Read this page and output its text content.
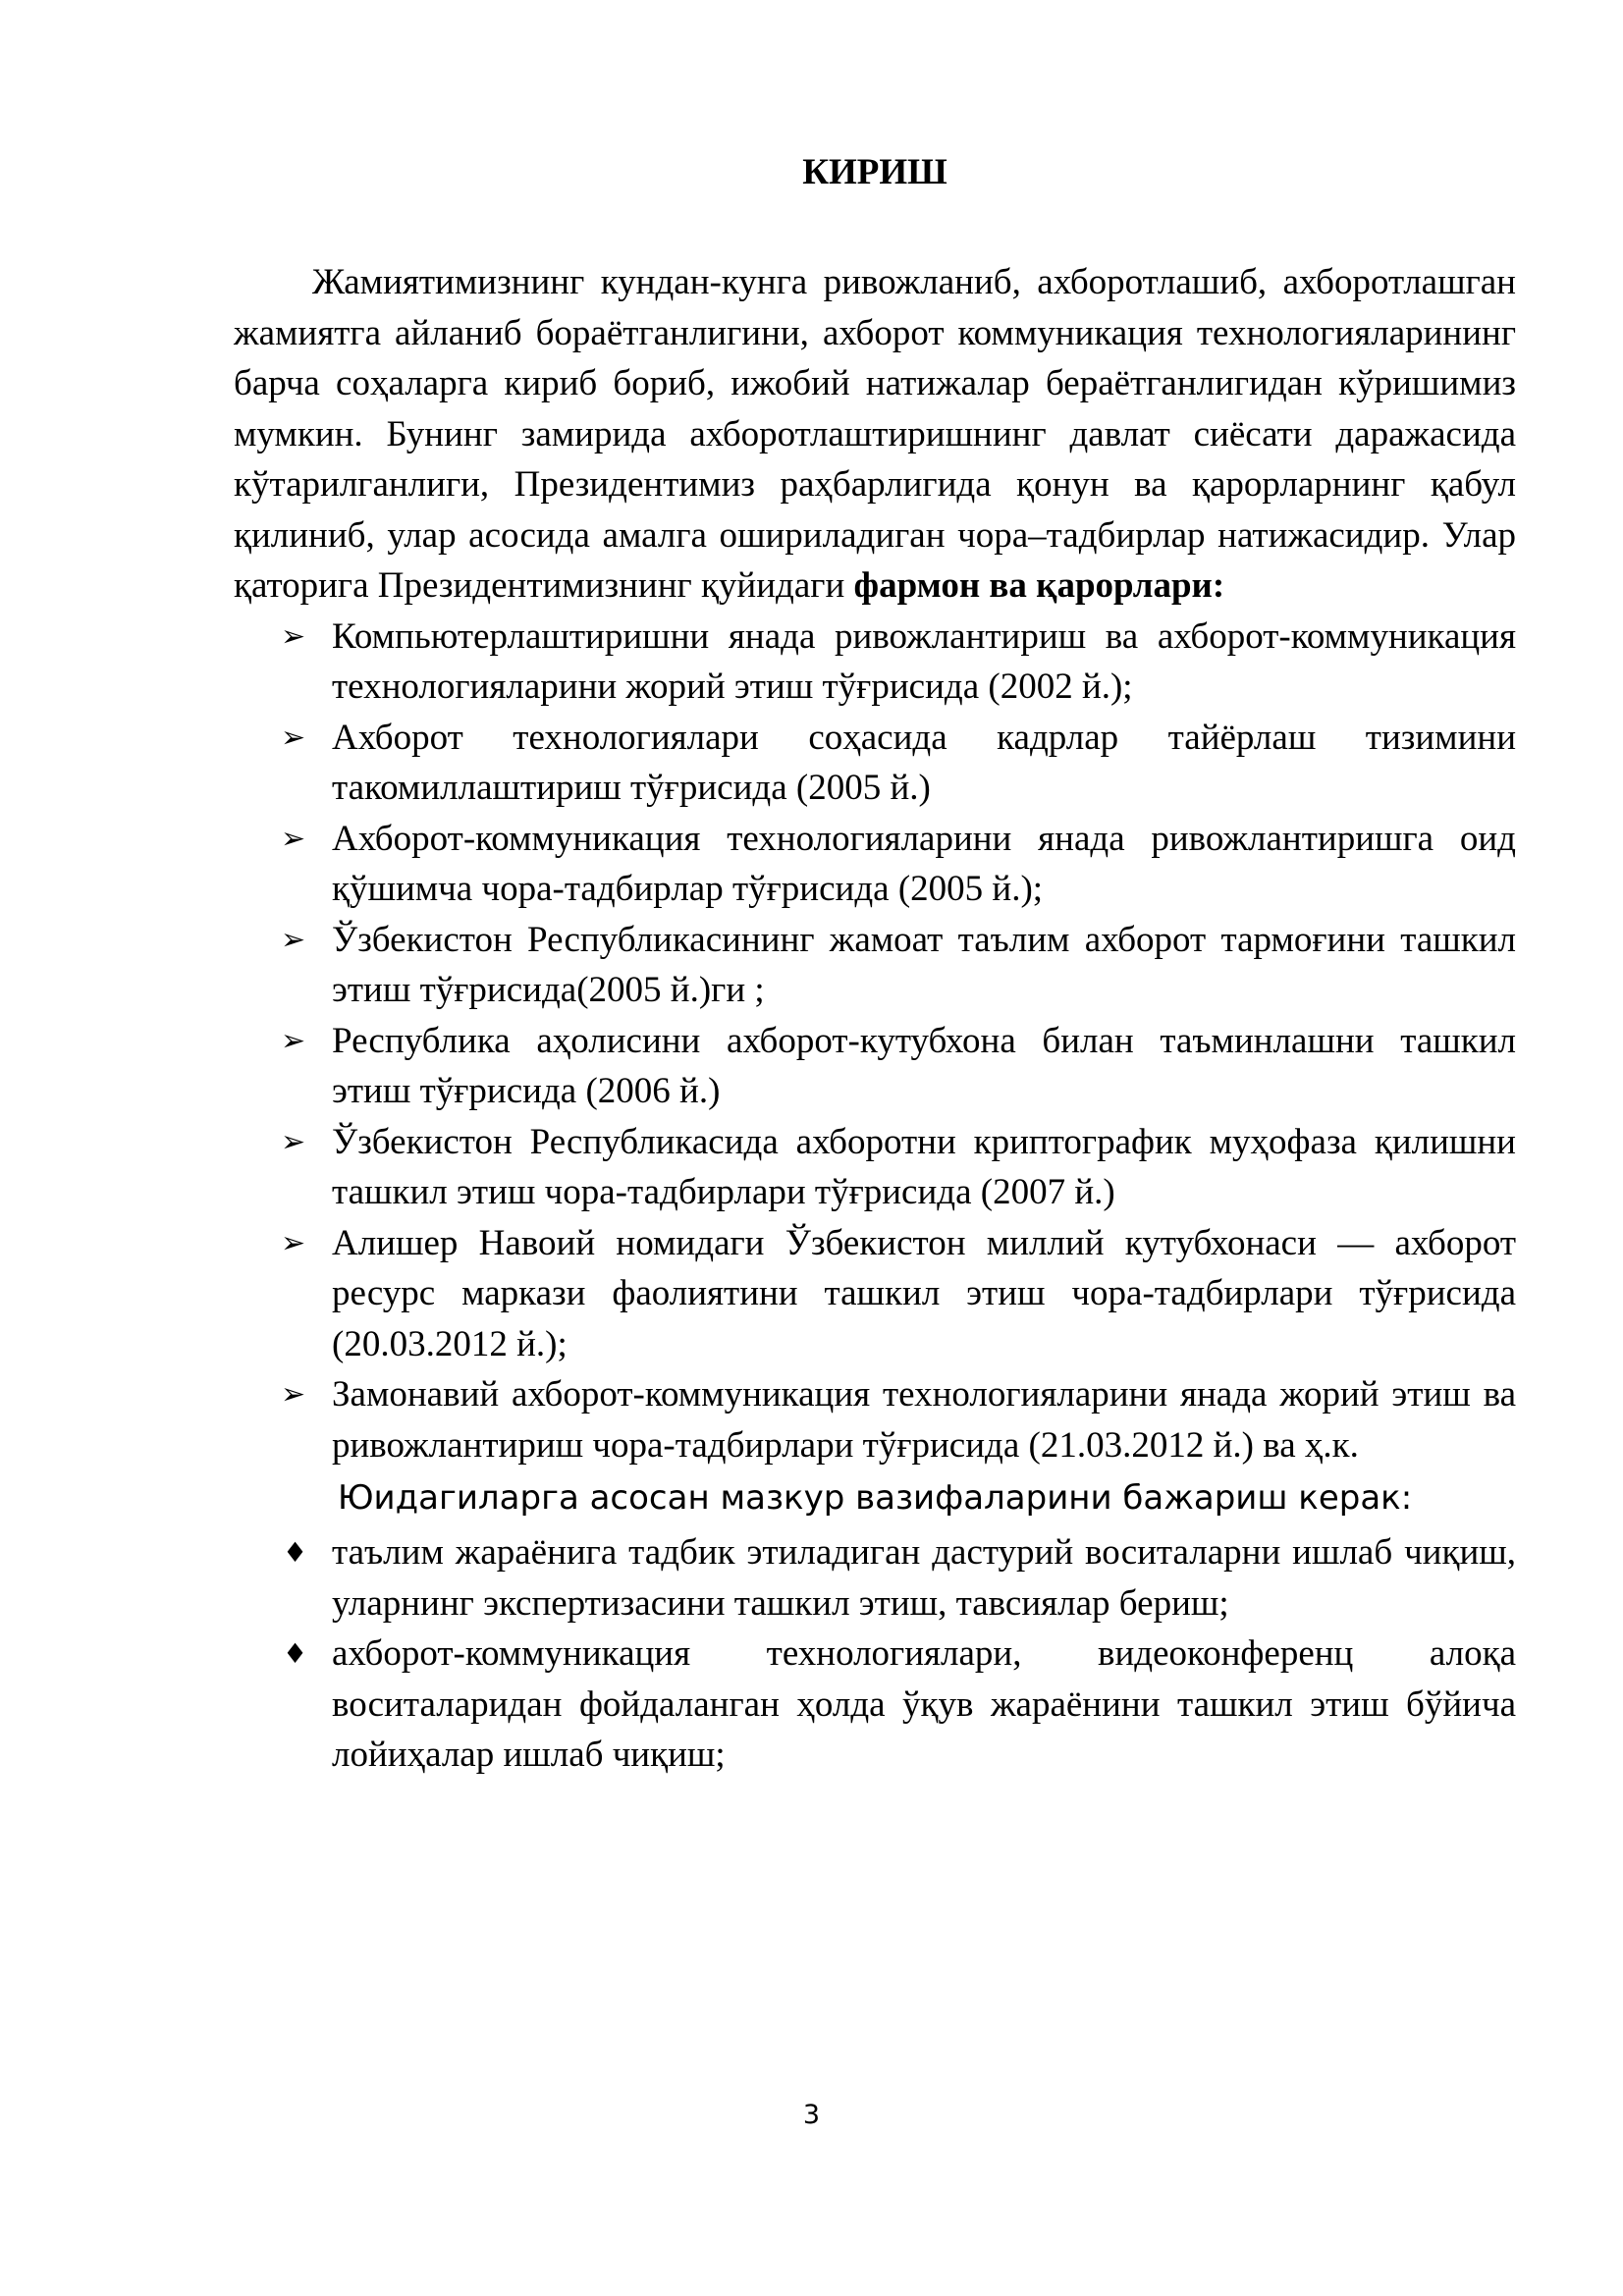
КИРИШ

Жамиятимизнинг кундан-кунга ривожланиб, ахборотлашиб, ахборотлашган жамиятга айланиб бораётганлигини, ахборот коммуникация технологияларининг барча соҳаларга кириб бориб, ижобий натижалар бераётганлигидан кўришимиз мумкин. Бунинг замирида ахборотлаштиришнинг давлат сиёсати даражасида кўтарилганлиги, Президентимиз раҳбарлигида қонун ва қарорларнинг қабул қилиниб, улар асосида амалга ошириладиган чора–тадбирлар натижасидир. Улар қаторига Президентимизнинг қуйидаги фармон ва қарорлари:

➢ Компьютерлаштиришни янада ривожлантириш ва ахборот-коммуникация технологияларини жорий этиш тўғрисида (2002 й.);
➢ Ахборот технологиялари соҳасида кадрлар тайёрлаш тизимини такомиллаштириш тўғрисида (2005 й.)
➢ Ахборот-коммуникация технологияларини янада ривожлантиришга оид қўшимча чора-тадбирлар тўғрисида (2005 й.);
➢ Ўзбекистон Республикасининг жамоат таълим ахборот тармоғини ташкил этиш тўғрисида(2005 й.)ги ;
➢ Республика аҳолисини ахборот-кутубхона билан таъминлашни ташкил этиш тўғрисида (2006 й.)
➢ Ўзбекистон Республикасида ахборотни криптографик муҳофаза қилишни ташкил этиш чора-тадбирлари тўғрисида (2007 й.)
➢ Алишер Навоий номидаги Ўзбекистон миллий кутубхонаси — ахборот ресурс маркази фаолиятини ташкил этиш чора-тадбирлари тўғрисида (20.03.2012 й.);
➢ Замонавий ахборот-коммуникация технологияларини янада жорий этиш ва ривожлантириш чора-тадбирлари тўғрисида (21.03.2012 й.) ва ҳ.к.
Юидагиларга асосан мазкур вазифаларини бажариш керак:
♦ таълим жараёнига тадбик этиладиган дастурий воситаларни ишлаб чиқиш, уларнинг экспертизасини ташкил этиш, тавсиялар бериш;
♦ ахборот-коммуникация технологиялари, видеоконференц алоқа воситаларидан фойдаланган ҳолда ўқув жараёнини ташкил этиш бўйича лойиҳалар ишлаб чиқиш;
3
